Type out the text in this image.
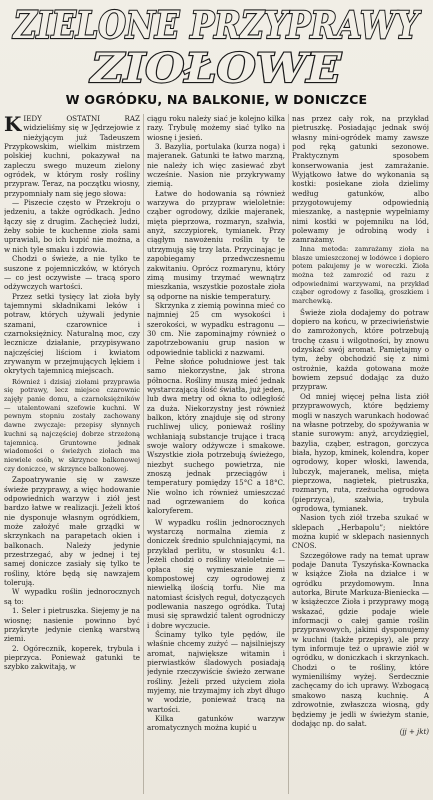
ZIELONE PRZYPRAWY
ZIOŁOWE
W OGRÓDKU, NA BALKONIE, W DONICZCE

KIEDY OSTATNI RAZ widzieliśmy się w Jędrzejowie z nieżyjącym już Tadeuszem Przypkowskim, wielkim mistrzem polskiej kuchni, pokazywał na zapleczu swego muzeum zielony ogródek, w którym rosły rośliny przypraw. Teraz, na początku wiosny, przypomniały nam się jego słowa:

— Piszecie często w Przekroju o jedzeniu, a także ogródkach. Jedno łączy się z drugim. Zachęcież ludzi, żeby sobie te kuchenne zioła sami uprawiali, bo ich kupić nie można, a w nich tyle smaku i zdrowia.

Chodzi o świeże, a nie tylko te suszone z pojemniczków, w których — co jest oczywiste — tracą sporo odżywczych wartości.

Przez setki tysięcy lat zioła były tajemnymi składnikami leków i potraw, których używali jedynie szamani, czarownice i czarnoksiężnicy. Naturalną moc, czy lecznicze działanie, przypisywano najczęściej liściom i kwiatom zrywanym w przejmujących lękiem i okrytych tajemnicą miejscach.

Również i dzisiaj ziołami przyprawia się potrawy, lecz miejsce czarownic zajęły panie domu, a czarnoksiężników — utalentowani szefowie kuchni. W pewnym stopniu zostały zachowany dawne zwyczaje: przepisy słynnych kuchni są najczęściej dobrze strzeżoną tajemnicą. Gruntowne jednak wiadomości o świeżych ziołach ma niewiele osób, w skrzynce balkonowej czy doniczce, w skrzynce balkonowej.

Zapoatrywanie się w zawsze świeże przyprawy, a więc hodowanie odpowiednich warzyw i ziół jest bardzo łatwe w realizacji. Jeżeli ktoś nie dysponuje własnym ogródkiem, może założyć małe grządki w skrzynkach na parapetach okien i balkonach. Należy jedynie przestrzegać, aby w jednej i tej samej doniczce zasiały się tylko te rośliny, które będą się nawzajem tolerują.

W wypadku roślin jednorocznych są to:

1. Seler i pietruszka. Siejemy je na wiosnę; nasienie powinno być przykryte jedynie cienką warstwą ziemi.

2. Ogórecznik, koperek, trybula i pieprzyca. Ponieważ gatunki te szybko zakwitają, w

ciągu roku należy siać je kolejno kilka razy. Trybulę możemy siać tylko na wiosnę i jesień.

3. Bazylia, portulaka (kurza noga) i majeranek. Gatunki te łatwo marzną, nie należy ich więc zasiewać zbyt wcześnie. Nasion nie przykrywamy ziemią.

Łatwe do hodowania są również warzywa do przypraw wieloletnie: cząber ogrodowy, dzikie majeranek, mięta pieprzowa, rozmaryn, szałwia, anyż, szczypiorek, tymianek. Przy ciągłym nawożeniu roślin ty te utrzymują się trzy lata. Przycinając je zapobiegamy przedwczesnemu zakwitaniu. Oprócz rozmarynu, który zimą musimy trzymać wewnątrz mieszkania, wszystkie pozostałe zioła są odporne na niskie temperatury.

Skrzynka z ziemią powinna mieć co najmniej 25 cm wysokości i szerokości, w wypadku estragonu — 30 cm. Nie zapominajmy również o zapotrzebowaniu grup nasion w odpowiednie tablicki z nazwami.

Pełne słońce południowe jest tak samo niekorzystne, jak strona północna. Rośliny muszą mieć jednak wystarczającą ilość światła, już jeden, lub dwa metry od okna to odległość za duża. Niekorzystny jest również balkon, który znajduje się od strony ruchliwej ulicy, ponieważ rośliny wchłaniają substancje trujące i tracą swoje walory odżywcze i smakowe. Wszystkie zioła potrzebują świeżego, niezbyt suchego powietrza, nie znoszą jednak przeciągów i temperatury pomiędzy 15°C a 18°C. Nie wolno ich również umieszczać nad ogrzewaniem do końca kaloryferem.

W wypadku roślin jednorocznych wystarczą normalna ziemia z doniczek średnio spulchniającymi, na przykład perlitu, w stosunku 4:1. Jeżeli chodzi o rośliny wieloletnie — opłaca się wymieszanie ziemi kompostowej czy ogrodowej z niewielką ilością torfu. Nie ma natomiast ścisłych reguł, dotyczących podlewania naszego ogródka. Tutaj musi się sprawdzić talent ogrodniczy i dobre wyczucie.

Ścinamy tylko tyle pędów, ile właśnie chcemy zużyć — najsilniejszy aromat, największe witamin i pierwiastków śladowych posiadają jedynie rzeczywiście świeżo zerwane rośliny. Jeżeli przed użyciem zioła myjemy, nie trzymajmy ich zbyt długo w wodzie, ponieważ tracą na wartości.

Kilka gatunków warzyw aromatycznych można kupić u

nas przez cały rok, na przykład pietruszkę. Posiadając jednak swój własny mini-ogródek mamy zawsze pod ręką gatunki sezonowe. Praktycznym sposobem konserwowania jest zamrażanie. Wyjątkowo łatwe do wykonania są kostki: posiekane zioła dzielimy według gatunków, albo przygotowujemy odpowiednią mieszankę, a następnie wypełniamy nimi kostki w pojemniku na lód, polewamy je odrobiną wody i zamrażamy.

Inna metoda: zamrażamy zioła na blasze umieszczonej w lodówce i dopiero potem pakujemy je w woreczki. Zioła można też zamrozić od razu z odpowiednimi warzywami, na przykład cząber ogrodowy z fasolką, groszkiem i marchewką.

Świeże zioła dodajemy do potraw dopiero na końcu, w przeciwieństwie do zamrożonych, które potrzebują trochę czasu i wilgotności, by znowu odzyskać swój aromat. Pamiętajmy o tym, żeby obchodzić się z nimi ostrożnie, każda gotowana może bowiem zepsuć dodając za dużo przypraw.

Od mniej więcej pełna lista ziół przyprawowych, które będziemy mogli w naszych warunkach hodować na własne potrzeby, do spożywania w stanie surowym: anyż, arcydzięgiel, bazylia, cząber, estragon, gorczyca biała, hyzop, kminek, kolendra, koper ogrodowy, koper włoski, lawenda, lubczyk, majeranek, melisa, mięta pieprzowa, nagietek, pietruszka, rozmaryn, ruta, rzeżucha ogrodowa (pieprzyca), szałwia, trybula ogrodowa, tymianek.

Nasion tych ziół trzeba szukać w sklepach „Herbapolu”; niektóre można kupić w sklepach nasiennych CNOS.

Szczegółowe rady na temat upraw podaje Danuta Tyszyńska-Kownacka w książce Zioła na działce i w ogródku przydomowym. Inna autorka, Birute Markuza-Bieniecka — w książeczce Zioła i przyprawy mogą wskazać, gdzie podaje wiele informacji o całej gamie roślin przyprawowych, jakimi dysponujemy w kuchni (także przepisy), ale przy tym informuje też o uprawie ziół w ogródku, w doniczkach i skrzynkach. Chodzi o te rośliny, które wymieniliśmy wyżej. Serdecznie zachęcamy do ich uprawy. Wzbogacą smakowo naszą kuchnię. A zdrowotnie, zwłaszcza wiosną, gdy będziemy je jedli w świeżym stanie, dodając np. do sałat.

(jj + jkt)
